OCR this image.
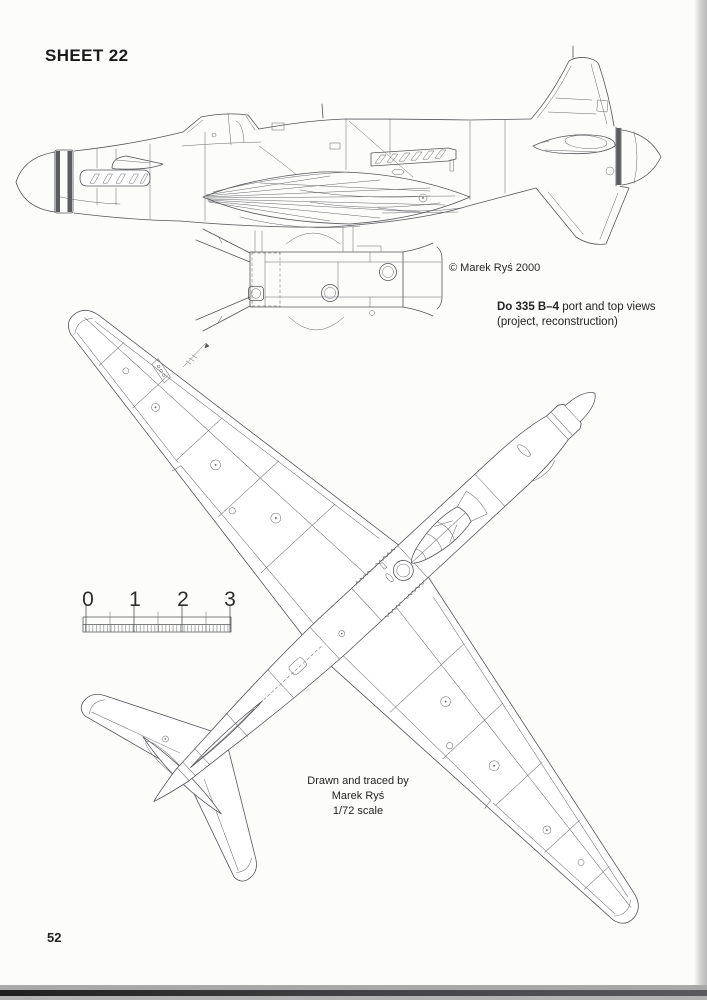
SHEET 22
© Marek Ryś 2000
Do 335 B–4 port and top views
(project, reconstruction)
Drawn and traced by
Marek Ryś
1/72 scale
52
0 1 2 3
